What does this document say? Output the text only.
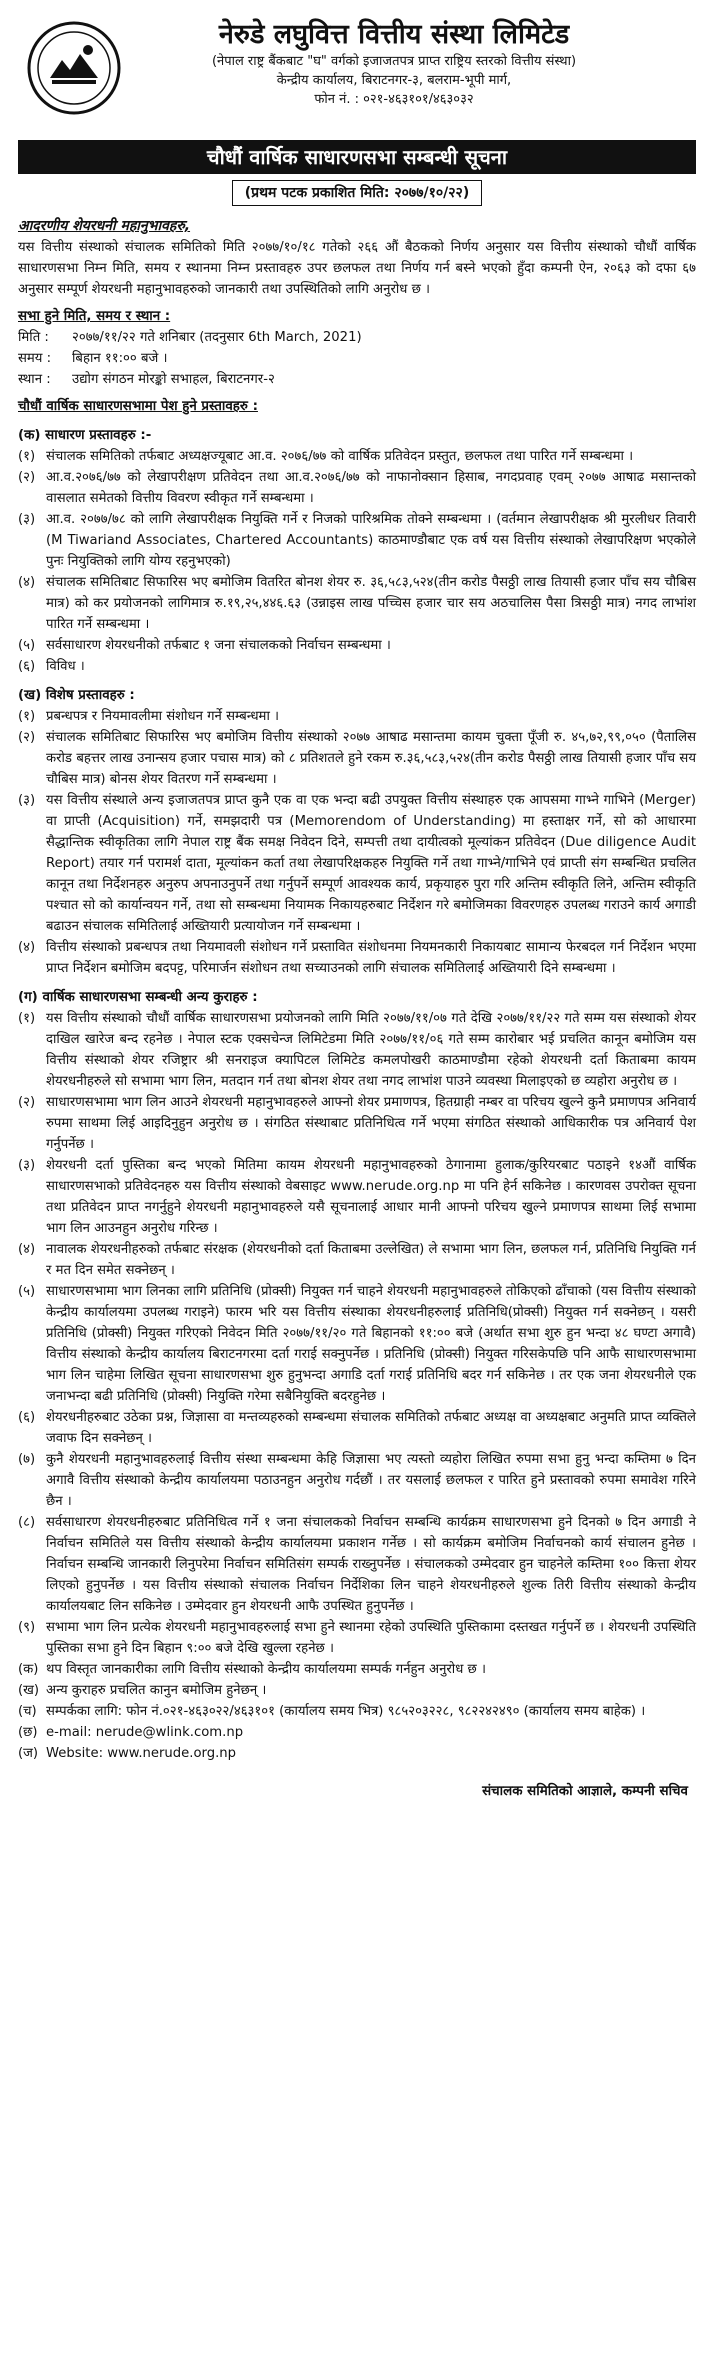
नेरुडे लघुवित्त वित्तीय संस्था लिमिटेड
(नेपाल राष्ट्र बैंकबाट "घ" वर्गको इजाजतपत्र प्राप्त राष्ट्रिय स्तरको वित्तीय संस्था)
केन्द्रीय कार्यालय, बिराटनगर-३, बलराम-भूपी मार्ग,
फोन नं. : ०२१-४६३१०१/४६३०३२
चौधौं वार्षिक साधारणसभा सम्बन्धी सूचना
(प्रथम पटक प्रकाशित मिति: २०७७/१०/२२)
आदरणीय शेयरधनी महानुभावहरु,

यस वित्तीय संस्थाको संचालक समितिको मिति २०७७/१०/१८ गतेको २६६ औं बैठकको निर्णय अनुसार यस वित्तीय संस्थाको चौधौं वार्षिक साधारणसभा निम्न मिति, समय र स्थानमा निम्न प्रस्तावहरु उपर छलफल तथा निर्णय गर्न बस्ने भएको हुँदा कम्पनी ऐन, २०६३ को दफा ६७ अनुसार सम्पूर्ण शेयरधनी महानुभावहरुको जानकारी तथा उपस्थितिको लागि अनुरोध छ ।

सभा हुने मिति, समय र स्थान :
मिति :	२०७७/११/२२ गते शनिबार (तदनुसार 6th March, 2021)
समय :	बिहान ११:०० बजे ।
स्थान :	उद्योग संगठन मोरङ्को सभाहल, बिराटनगर-२
चौधौं वार्षिक साधारणसभामा पेश हुने प्रस्तावहरु :
(क) साधारण प्रस्तावहरु :-
(१) संचालक समितिको तर्फबाट अध्यक्षज्यूबाट आ.व. २०७६/७७ को वार्षिक प्रतिवेदन प्रस्तुत, छलफल तथा पारित गर्ने सम्बन्धमा ।
(२) आ.व.२०७६/७७ को लेखापरीक्षण प्रतिवेदन तथा आ.व.२०७६/७७ को नाफानोक्सान हिसाब, नगदप्रवाह एवम् २०७७ आषाढ मसान्तको वासलात समेतको वित्तीय विवरण स्वीकृत गर्ने सम्बन्धमा ।
(३) आ.व. २०७७/७८ को लागि लेखापरीक्षक नियुक्ति गर्ने र निजको पारिश्रमिक तोक्ने सम्बन्धमा । (वर्तमान लेखापरीक्षक श्री मुरलीधर तिवारी (M Tiwariand Associates, Chartered Accountants) काठमाण्डौबाट एक वर्ष यस वित्तीय संस्थाको लेखापरिक्षण भएकोले पुनः नियुक्तिको लागि योग्य रहनुभएको)
(४) संचालक समितिबाट सिफारिस भए बमोजिम वितरित बोनश शेयर रु. ३६,५८३,५२४(तीन करोड पैसठ्ठी लाख तियासी हजार पाँच सय चौबिस मात्र) को कर प्रयोजनको लागिमात्र रु.१९,२५,४४६.६३ (उन्नाइस लाख पच्चिस हजार चार सय अठचालिस पैसा त्रिसठ्ठी मात्र) नगद लाभांश पारित गर्ने सम्बन्धमा ।
(५) सर्वसाधारण शेयरधनीको तर्फबाट १ जना संचालकको निर्वाचन सम्बन्धमा ।
(६) विविध ।
(ख) विशेष प्रस्तावहरु :
(१) प्रबन्धपत्र र नियमावलीमा संशोधन गर्ने सम्बन्धमा ।
(२) संचालक समितिबाट सिफारिस भए बमोजिम वित्तीय संस्थाको २०७७ आषाढ मसान्तमा कायम चुक्ता पूँजी रु. ४५,७२,९९,०५० (पैतालिस करोड बहत्तर लाख उनान्सय हजार पचास मात्र) को ८ प्रतिशतले हुने रकम रु.३६,५८३,५२४(तीन करोड पैसठ्ठी लाख तियासी हजार पाँच सय चौबिस मात्र) बोनस शेयर वितरण गर्ने सम्बन्धमा ।
(३) यस वित्तीय संस्थाले अन्य इजाजतपत्र प्राप्त कुनै एक वा एक भन्दा बढी उपयुक्त वित्तीय संस्थाहरु एक आपसमा गाभ्ने गाभिने (Merger) वा प्राप्ती (Acquisition) गर्ने, समझदारी पत्र (Memorendom of Understanding) मा हस्ताक्षर गर्ने, सो को आधारमा सैद्धान्तिक स्वीकृतिका लागि नेपाल राष्ट्र बैंक समक्ष निवेदन दिने, सम्पत्ती तथा दायीत्वको मूल्यांकन प्रतिवेदन (Due diligence Audit Report) तयार गर्न परामर्श दाता, मूल्यांकन कर्ता तथा लेखापरिक्षकहरु नियुक्ति गर्ने तथा गाभ्ने/गाभिने एवं प्राप्ती संग सम्बन्धित प्रचलित कानून तथा निर्देशनहरु अनुरुप अपनाउनुपर्ने तथा गर्नुपर्ने सम्पूर्ण आवश्यक कार्य, प्रकृयाहरु पुरा गरि अन्तिम स्वीकृति लिने, अन्तिम स्वीकृति पश्चात सो को कार्यान्वयन गर्ने, तथा सो सम्बन्धमा नियामक निकायहरुबाट निर्देशन गरे बमोजिमका विवरणहरु उपलब्ध गराउने कार्य अगाडी बढाउन संचालक समितिलाई अख्तियारी प्रत्यायोजन गर्ने सम्बन्धमा ।
(४) वित्तीय संस्थाको प्रबन्धपत्र तथा नियमावली संशोधन गर्ने प्रस्तावित संशोधनमा नियमनकारी निकायबाट सामान्य फेरबदल गर्न निर्देशन भएमा प्राप्त निर्देशन बमोजिम बदपट्ट, परिमार्जन संशोधन तथा सच्याउनको लागि संचालक समितिलाई अख्तियारी दिने सम्बन्धमा ।
(ग) वार्षिक साधारणसभा सम्बन्धी अन्य कुराहरु :
(१) यस वित्तीय संस्थाको चौधौं वार्षिक साधारणसभा प्रयोजनको लागि मिति २०७७/११/०७ गते देखि २०७७/११/२२ गते सम्म यस संस्थाको शेयर दाखिल खारेज बन्द रहनेछ । नेपाल स्टक एक्सचेन्ज लिमिटेडमा मिति २०७७/११/०६ गते सम्म कारोबार भई प्रचलित कानून बमोजिम यस वित्तीय संस्थाको शेयर रजिष्ट्रार श्री सनराइज क्यापिटल लिमिटेड कमलपोखरी काठमाण्डौमा रहेको शेयरधनी दर्ता किताबमा कायम शेयरधनीहरुले सो सभामा भाग लिन, मतदान गर्न तथा बोनश शेयर तथा नगद लाभांश पाउने व्यवस्था मिलाइएको छ व्यहोरा अनुरोध छ ।
(२) साधारणसभामा भाग लिन आउने शेयरधनी महानुभावहरुले आफ्नो शेयर प्रमाणपत्र, हितग्राही नम्बर वा परिचय खुल्ने कुनै प्रमाणपत्र अनिवार्य रुपमा साथमा लिई आइदिनुहुन अनुरोध छ । संगठित संस्थाबाट प्रतिनिधित्व गर्ने भएमा संगठित संस्थाको आधिकारीक पत्र अनिवार्य पेश गर्नुपर्नेछ ।
(३) शेयरधनी दर्ता पुस्तिका बन्द भएको मितिमा कायम शेयरधनी महानुभावहरुको ठेगानामा हुलाक/कुरियरबाट पठाइने १४औं वार्षिक साधारणसभाको प्रतिवेदनहरु यस वित्तीय संस्थाको वेबसाइट www.nerude.org.np मा पनि हेर्न सकिनेछ । कारणवस उपरोक्त सूचना तथा प्रतिवेदन प्राप्त नगर्नुहुने शेयरधनी महानुभावहरुले यसै सूचनालाई आधार मानी आफ्नो परिचय खुल्ने प्रमाणपत्र साथमा लिई सभामा भाग लिन आउनहुन अनुरोध गरिन्छ ।
(४) नावालक शेयरधनीहरुको तर्फबाट संरक्षक (शेयरधनीको दर्ता किताबमा उल्लेखित) ले सभामा भाग लिन, छलफल गर्न, प्रतिनिधि नियुक्ति गर्न र मत दिन समेत सक्नेछन् ।
(५) साधारणसभामा भाग लिनका लागि प्रतिनिधि (प्रोक्सी) नियुक्त गर्न चाहने शेयरधनी महानुभावहरुले तोकिएको ढाँचाको (यस वित्तीय संस्थाको केन्द्रीय कार्यालयमा उपलब्ध गराइने) फारम भरि यस वित्तीय संस्थाका शेयरधनीहरुलाई प्रतिनिधि(प्रोक्सी) नियुक्त गर्न सक्नेछन् । यसरी प्रतिनिधि (प्रोक्सी) नियुक्त गरिएको निवेदन मिति २०७७/११/२० गते बिहानको ११:०० बजे (अर्थात सभा शुरु हुन भन्दा ४८ घण्टा अगावै) वित्तीय संस्थाको केन्द्रीय कार्यालय बिराटनगरमा दर्ता गराई सक्नुपर्नेछ । प्रतिनिधि (प्रोक्सी) नियुक्त गरिसकेपछि पनि आफै साधारणसभामा भाग लिन चाहेमा लिखित सूचना साधारणसभा शुरु हुनुभन्दा अगाडि दर्ता गराई प्रतिनिधि बदर गर्न सकिनेछ । तर एक जना शेयरधनीले एक जनाभन्दा बढी प्रतिनिधि (प्रोक्सी) नियुक्ति गरेमा सबैनियुक्ति बदरहुनेछ ।
(६) शेयरधनीहरुबाट उठेका प्रश्न, जिज्ञासा वा मन्तव्यहरुको सम्बन्धमा संचालक समितिको तर्फबाट अध्यक्ष वा अध्यक्षबाट अनुमति प्राप्त व्यक्तिले जवाफ दिन सक्नेछन् ।
(७) कुनै शेयरधनी महानुभावहरुलाई वित्तीय संस्था सम्बन्धमा केहि जिज्ञासा भए त्यस्तो व्यहोरा लिखित रुपमा सभा हुनु भन्दा कम्तिमा ७ दिन अगावै वित्तीय संस्थाको केन्द्रीय कार्यालयमा पठाउनहुन अनुरोध गर्दछौं । तर यसलाई छलफल र पारित हुने प्रस्तावको रुपमा समावेश गरिने छैन ।
(८) सर्वसाधारण शेयरधनीहरुबाट प्रतिनिधित्व गर्ने १ जना संचालकको निर्वाचन सम्बन्धि कार्यक्रम साधारणसभा हुने दिनको ७ दिन अगाडी ने निर्वाचन समितिले यस वित्तीय संस्थाको केन्द्रीय कार्यालयमा प्रकाशन गर्नेछ । सो कार्यक्रम बमोजिम निर्वाचनको कार्य संचालन हुनेछ । निर्वाचन सम्बन्धि जानकारी लिनुपरेमा निर्वाचन समितिसंग सम्पर्क राख्नुपर्नेछ । संचालकको उम्मेदवार हुन चाहनेले कम्तिमा १०० कित्ता शेयर लिएको हुनुपर्नेछ । यस वित्तीय संस्थाको संचालक निर्वाचन निर्देशिका लिन चाहने शेयरधनीहरुले शुल्क तिरी वित्तीय संस्थाको केन्द्रीय कार्यालयबाट लिन सकिनेछ । उम्मेदवार हुन शेयरधनी आफै उपस्थित हुनुपर्नेछ ।
(९) सभामा भाग लिन प्रत्येक शेयरधनी महानुभावहरुलाई सभा हुने स्थानमा रहेको उपस्थिति पुस्तिकामा दस्तखत गर्नुपर्ने छ । शेयरधनी उपस्थिति पुस्तिका सभा हुने दिन बिहान ९:०० बजे देखि खुल्ला रहनेछ ।
(क) थप विस्तृत जानकारीका लागि वित्तीय संस्थाको केन्द्रीय कार्यालयमा सम्पर्क गर्नहुन अनुरोध छ ।
(ख) अन्य कुराहरु प्रचलित कानुन बमोजिम हुनेछन् ।
(च) सम्पर्कका लागि: फोन नं.०२१-४६३०२२/४६३१०१ (कार्यालय समय भित्र) ९८५२०३२२८, ९८२२४२४९० (कार्यालय समय बाहेक) ।
(छ) e-mail: nerude@wlink.com.np
(ज) Website: www.nerude.org.np
संचालक समितिको आज्ञाले, कम्पनी सचिव
